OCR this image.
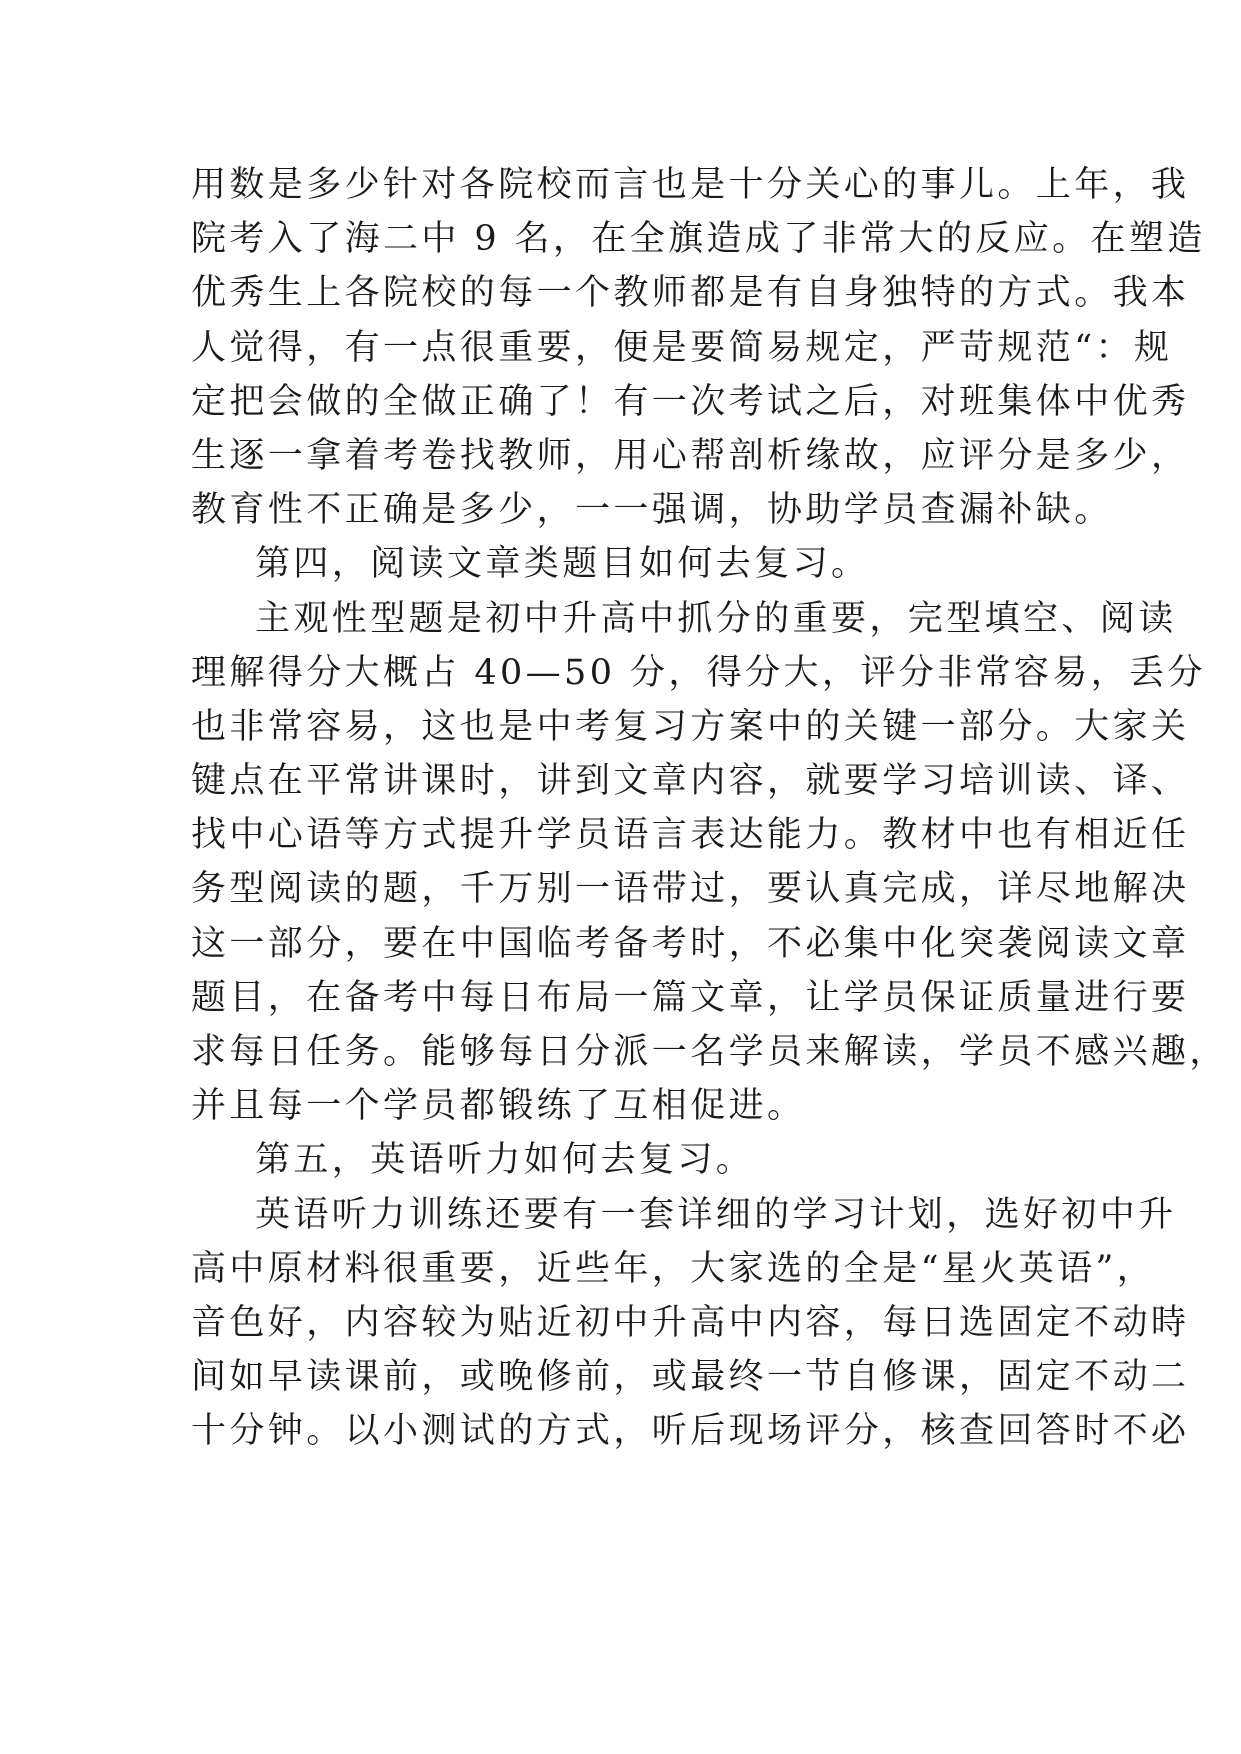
用数是多少针对各院校而言也是十分关心的事儿。上年，我
院考入了海二中 9 名，在全旗造成了非常大的反应。在塑造
优秀生上各院校的每一个教师都是有自身独特的方式。我本
人觉得，有一点很重要，便是要简易规定，严苛规范“：规
定把会做的全做正确了！有一次考试之后，对班集体中优秀
生逐一拿着考卷找教师，用心帮剖析缘故，应评分是多少，
教育性不正确是多少，一一强调，协助学员查漏补缺。
第四，阅读文章类题目如何去复习。
主观性型题是初中升高中抓分的重要，完型填空、阅读
理解得分大概占 40—50 分，得分大，评分非常容易，丢分
也非常容易，这也是中考复习方案中的关键一部分。大家关
键点在平常讲课时，讲到文章内容，就要学习培训读、译、
找中心语等方式提升学员语言表达能力。教材中也有相近任
务型阅读的题，千万别一语带过，要认真完成，详尽地解决
这一部分，要在中国临考备考时，不必集中化突袭阅读文章
题目，在备考中每日布局一篇文章，让学员保证质量进行要
求每日任务。能够每日分派一名学员来解读，学员不感兴趣，
并且每一个学员都锻练了互相促进。
第五，英语听力如何去复习。
英语听力训练还要有一套详细的学习计划，选好初中升
高中原材料很重要，近些年，大家选的全是“星火英语”，
音色好，内容较为贴近初中升高中内容，每日选固定不动時
间如早读课前，或晚修前，或最终一节自修课，固定不动二
十分钟。以小测试的方式，听后现场评分，核查回答时不必
